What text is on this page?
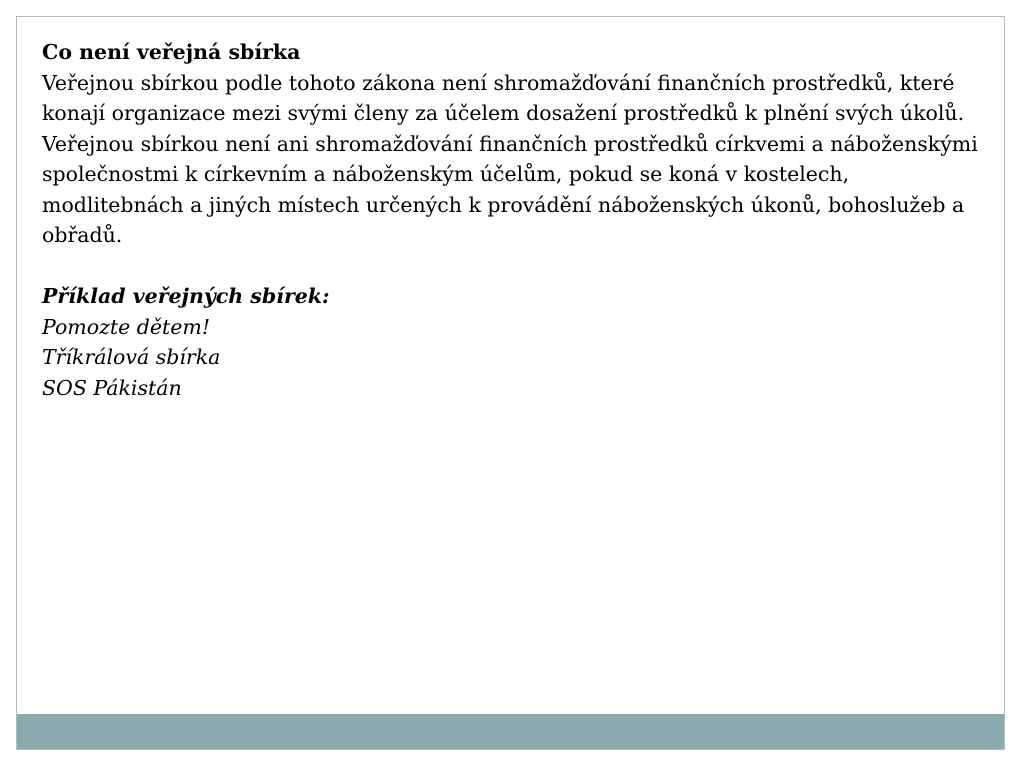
Co není veřejná sbírka

Veřejnou sbírkou podle tohoto zákona není shromažďování finančních prostředků, které konají organizace mezi svými členy za účelem dosažení prostředků k plnění svých úkolů. Veřejnou sbírkou není ani shromažďování finančních prostředků církvemi a náboženskými společnostmi k církevním a náboženským účelům, pokud se koná v kostelech, modlitebnách a jiných místech určených k provádění náboženských úkonů, bohoslužeb a obřadů.

Příklad veřejných sbírek:

Pomozte dětem!

Tříkrálová sbírka

SOS Pákistán
